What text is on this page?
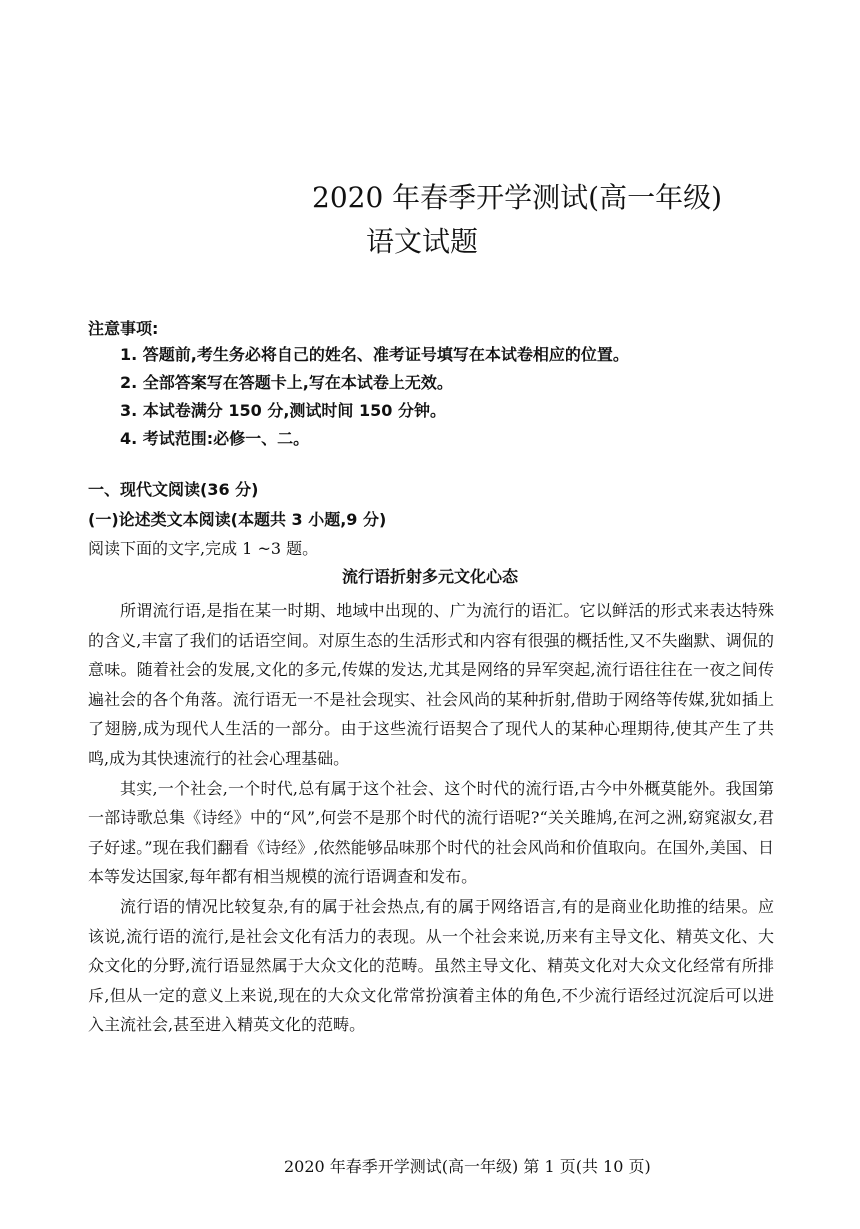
2020 年春季开学测试(高一年级)
语文试题
注意事项:
1. 答题前,考生务必将自己的姓名、准考证号填写在本试卷相应的位置。
2. 全部答案写在答题卡上,写在本试卷上无效。
3. 本试卷满分 150 分,测试时间 150 分钟。
4. 考试范围:必修一、二。
一、现代文阅读(36 分)
(一)论述类文本阅读(本题共 3 小题,9 分)
阅读下面的文字,完成 1 ~3 题。
流行语折射多元文化心态

所谓流行语,是指在某一时期、地域中出现的、广为流行的语汇。它以鲜活的形式来表达特殊的含义,丰富了我们的话语空间。对原生态的生活形式和内容有很强的概括性,又不失幽默、调侃的意味。随着社会的发展,文化的多元,传媒的发达,尤其是网络的异军突起,流行语往往在一夜之间传遍社会的各个角落。流行语无一不是社会现实、社会风尚的某种折射,借助于网络等传媒,犹如插上了翅膀,成为现代人生活的一部分。由于这些流行语契合了现代人的某种心理期待,使其产生了共鸣,成为其快速流行的社会心理基础。

其实,一个社会,一个时代,总有属于这个社会、这个时代的流行语,古今中外概莫能外。我国第一部诗歌总集《诗经》中的“风”,何尝不是那个时代的流行语呢?“关关雎鸠,在河之洲,窈窕淑女,君子好逑。”现在我们翻看《诗经》,依然能够品味那个时代的社会风尚和价值取向。在国外,美国、日本等发达国家,每年都有相当规模的流行语调查和发布。

流行语的情况比较复杂,有的属于社会热点,有的属于网络语言,有的是商业化助推的结果。应该说,流行语的流行,是社会文化有活力的表现。从一个社会来说,历来有主导文化、精英文化、大众文化的分野,流行语显然属于大众文化的范畴。虽然主导文化、精英文化对大众文化经常有所排斥,但从一定的意义上来说,现在的大众文化常常扮演着主体的角色,不少流行语经过沉淀后可以进入主流社会,甚至进入精英文化的范畴。

2020 年春季开学测试(高一年级) 第 1 页(共 10 页)
